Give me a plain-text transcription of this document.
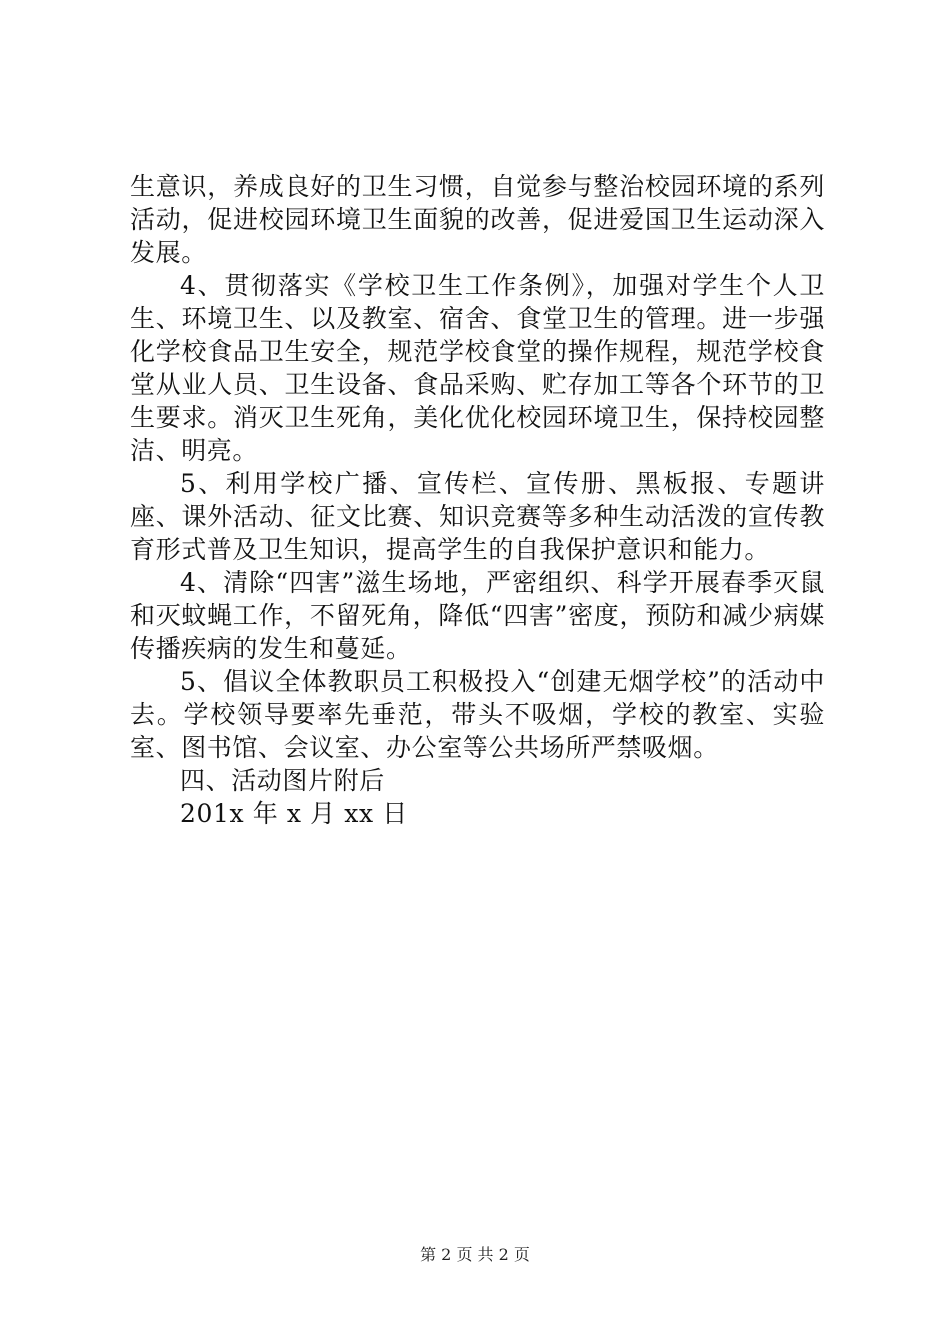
生意识，养成良好的卫生习惯，自觉参与整治校园环境的系列活动，促进校园环境卫生面貌的改善，促进爱国卫生运动深入发展。

4、贯彻落实《学校卫生工作条例》，加强对学生个人卫生、环境卫生、以及教室、宿舍、食堂卫生的管理。进一步强化学校食品卫生安全，规范学校食堂的操作规程，规范学校食堂从业人员、卫生设备、食品采购、贮存加工等各个环节的卫生要求。消灭卫生死角，美化优化校园环境卫生，保持校园整洁、明亮。

5、利用学校广播、宣传栏、宣传册、黑板报、专题讲座、课外活动、征文比赛、知识竞赛等多种生动活泼的宣传教育形式普及卫生知识，提高学生的自我保护意识和能力。

4、清除“四害”滋生场地，严密组织、科学开展春季灭鼠和灭蚊蝇工作，不留死角，降低“四害”密度，预防和减少病媒传播疾病的发生和蔓延。

5、倡议全体教职员工积极投入“创建无烟学校”的活动中去。学校领导要率先垂范，带头不吸烟，学校的教室、实验室、图书馆、会议室、办公室等公共场所严禁吸烟。

四、活动图片附后

201x 年 x 月 xx 日

第 2 页 共 2 页
